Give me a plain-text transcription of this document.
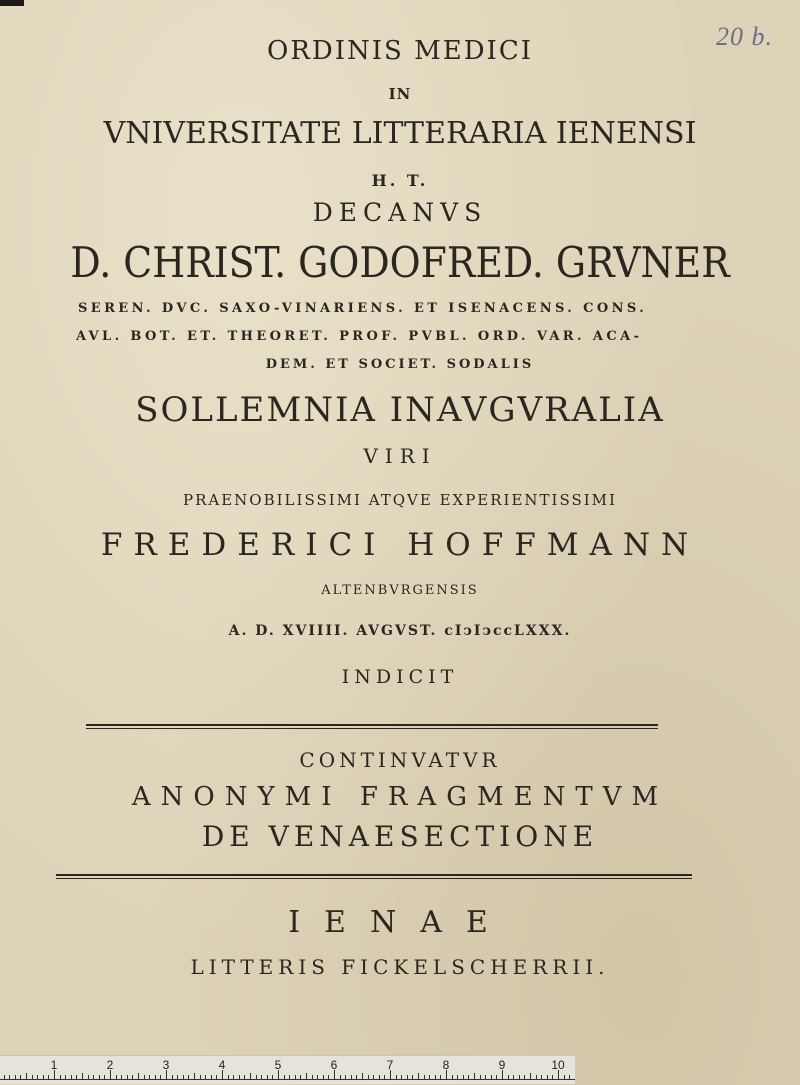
20 b.
ORDINIS MEDICI
IN
VNIVERSITATE LITTERARIA IENENSI
H. T.
DECANVS
D. CHRIST. GODOFRED. GRVNER
SEREN. DVC. SAXO-VINARIENS. ET ISENACENS. CONS.
AVL. BOT. ET. THEORET. PROF. PVBL. ORD. VAR. ACA-
DEM. ET SOCIET. SODALIS
SOLLEMNIA INAVGVRALIA
VIRI
PRAENOBILISSIMI ATQVE EXPERIENTISSIMI
FREDERICI HOFFMANN
ALTENBVRGENSIS
A. D. XVIIII. AVGVST. cIↄIↄccLXXX.
INDICIT
CONTINVATVR
ANONYMI FRAGMENTVM
DE VENAESECTIONE
IENAE
LITTERIS FICKELSCHERRII.
1	2	3	4	5	6	7	8	9	10
